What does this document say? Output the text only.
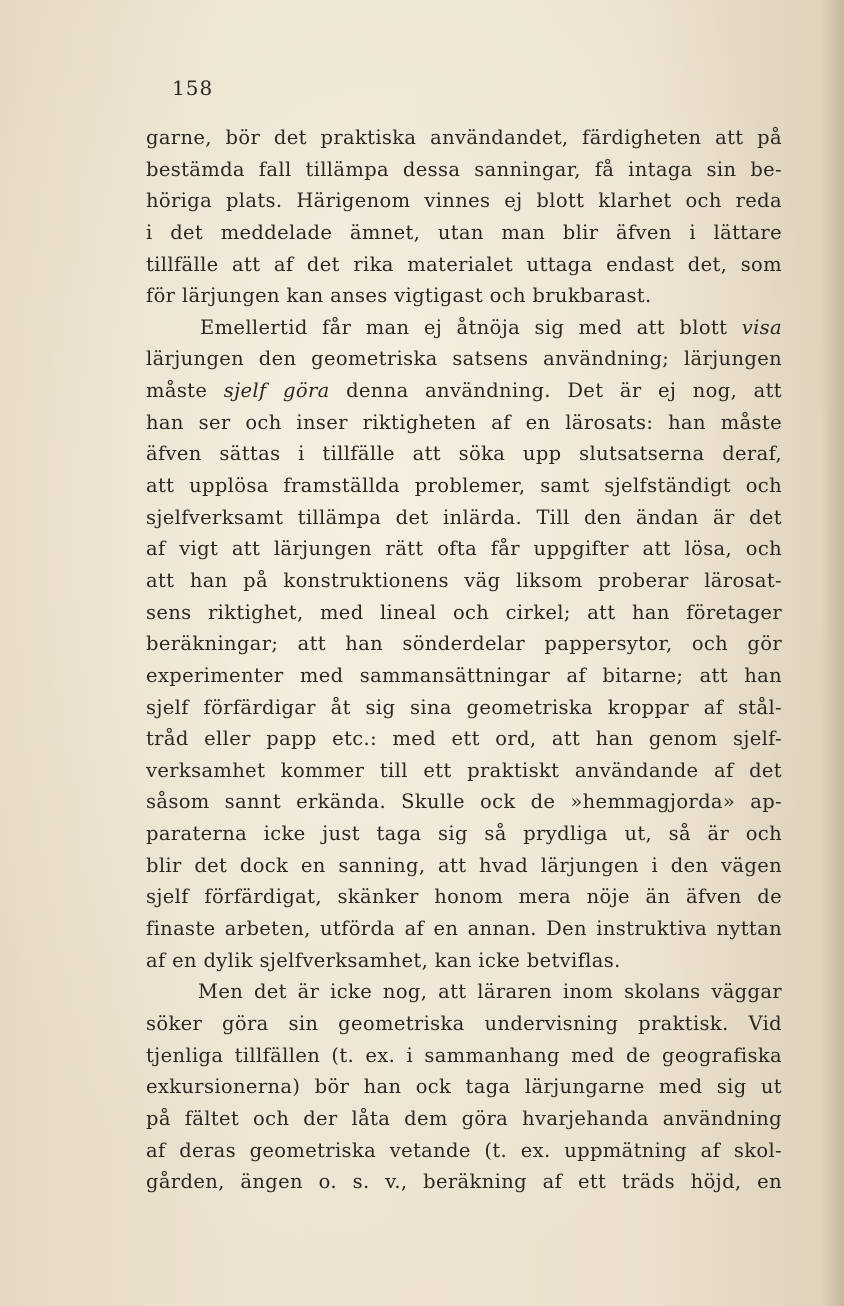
158
garne, bör det praktiska användandet, färdigheten att på
bestämda fall tillämpa dessa sanningar, få intaga sin be-
höriga plats. Härigenom vinnes ej blott klarhet och reda
i det meddelade ämnet, utan man blir äfven i lättare
tillfälle att af det rika materialet uttaga endast det, som
för lärjungen kan anses vigtigast och brukbarast.
Emellertid får man ej åtnöja sig med att blott visa
lärjungen den geometriska satsens användning; lärjungen
måste sjelf göra denna användning. Det är ej nog, att
han ser och inser riktigheten af en lärosats: han måste
äfven sättas i tillfälle att söka upp slutsatserna deraf,
att upplösa framställda problemer, samt sjelfständigt och
sjelfverksamt tillämpa det inlärda. Till den ändan är det
af vigt att lärjungen rätt ofta får uppgifter att lösa, och
att han på konstruktionens väg liksom proberar lärosat-
sens riktighet, med lineal och cirkel; att han företager
beräkningar; att han sönderdelar pappersytor, och gör
experimenter med sammansättningar af bitarne; att han
sjelf förfärdigar åt sig sina geometriska kroppar af stål-
tråd eller papp etc.: med ett ord, att han genom sjelf-
verksamhet kommer till ett praktiskt användande af det
såsom sannt erkända. Skulle ock de »hemmagjorda» ap-
paraterna icke just taga sig så prydliga ut, så är och
blir det dock en sanning, att hvad lärjungen i den vägen
sjelf förfärdigat, skänker honom mera nöje än äfven de
finaste arbeten, utförda af en annan. Den instruktiva nyttan
af en dylik sjelfverksamhet, kan icke betviflas.
Men det är icke nog, att läraren inom skolans väggar
söker göra sin geometriska undervisning praktisk. Vid
tjenliga tillfällen (t. ex. i sammanhang med de geografiska
exkursionerna) bör han ock taga lärjungarne med sig ut
på fältet och der låta dem göra hvarjehanda användning
af deras geometriska vetande (t. ex. uppmätning af skol-
gården, ängen o. s. v., beräkning af ett träds höjd, en
